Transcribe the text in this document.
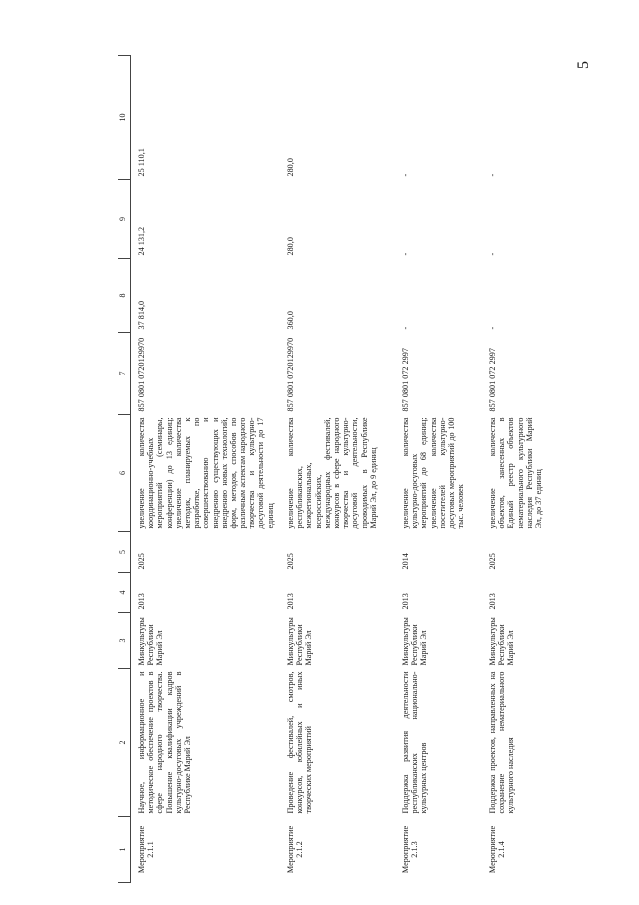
5
1	2	3	4	5	6	7	8	9	10
Мероприятие 2.1.1	Научное, информационное и методическое обеспечение проектов в сфере народного творчества. Повышение квалификации кадров культурно-досуговых учреждений в Республике Марий Эл	Минкультуры Республики Марий Эл	2013	2025	увеличение количества координационно-учебных мероприятий (семинары, конференции) до 13 единиц; увеличение количества методик, планируемых к разработке, по совершенствованию и внедрению существующих и внедрению новых технологий, форм, методов, способов по различным аспектам народного творчества и культурно-досуговой деятельности до 17 единиц	857 0801 0720129970	37 814,0	24 131,2	25 110,1
Мероприятие 2.1.2	Проведение фестивалей, смотров, конкурсов, юбилейных и иных творческих мероприятий	Минкультуры Республики Марий Эл	2013	2025	увеличение количества республиканских, межрегиональных, всероссийских, международных фестивалей, конкурсов в сфере народного творчества и культурно-досуговой деятельности, проводимых в Республике Марий Эл, до 9 единиц	857 0801 0720129970	360,0	280,0	280,0
Мероприятие 2.1.3	Поддержка развития деятельности республиканских национально-культурных центров	Минкультуры Республики Марий Эл	2013	2014	увеличение количества культурно-досуговых мероприятий до 68 единиц; увеличение количества посетителей культурно-досуговых мероприятий до 100 тыс. человек	857 0801 072 2997	-	-	-
Мероприятие 2.1.4	Поддержка проектов, направленных на сохранение нематериального культурного наследия	Минкультуры Республики Марий Эл	2013	2025	увеличение количества объектов, занесенных в Единый реестр объектов нематериального культурного наследия Республики Марий Эл, до 37 единиц	857 0801 072 2997	-	-	-
